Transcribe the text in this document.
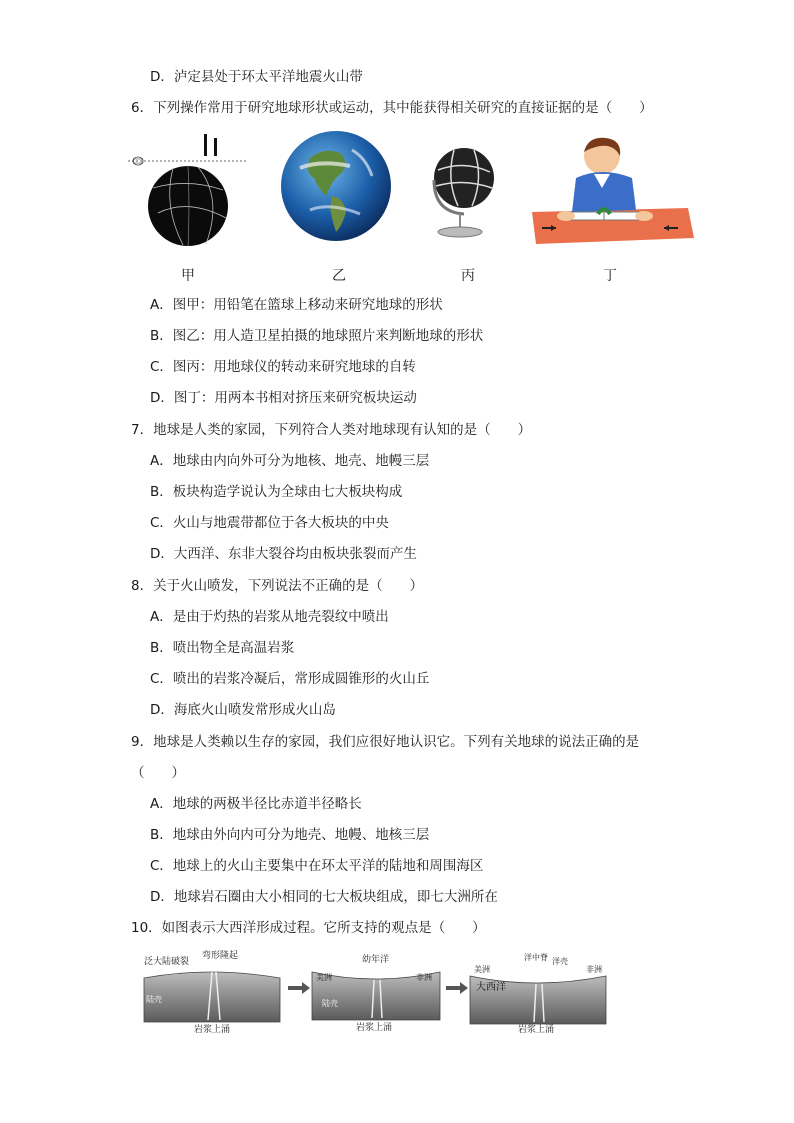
D．泸定县处于环太平洋地震火山带
6．下列操作常用于研究地球形状或运动，其中能获得相关研究的直接证据的是（　　）
甲	乙	丙	丁
A．图甲：用铅笔在篮球上移动来研究地球的形状
B．图乙：用人造卫星拍摄的地球照片来判断地球的形状
C．图丙：用地球仪的转动来研究地球的自转
D．图丁：用两本书相对挤压来研究板块运动
7．地球是人类的家园，下列符合人类对地球现有认知的是（　　）
A．地球由内向外可分为地核、地壳、地幔三层
B．板块构造学说认为全球由七大板块构成
C．火山与地震带都位于各大板块的中央
D．大西洋、东非大裂谷均由板块张裂而产生
8．关于火山喷发，下列说法不正确的是（　　）
A．是由于灼热的岩浆从地壳裂纹中喷出
B．喷出物全是高温岩浆
C．喷出的岩浆冷凝后，常形成圆锥形的火山丘
D．海底火山喷发常形成火山岛
9．地球是人类赖以生存的家园，我们应很好地认识它。下列有关地球的说法正确的是
（　　）
A．地球的两极半径比赤道半径略长
B．地球由外向内可分为地壳、地幔、地核三层
C．地球上的火山主要集中在环太平洋的陆地和周围海区
D．地球岩石圈由大小相同的七大板块组成，即七大洲所在
10．如图表示大西洋形成过程。它所支持的观点是（　　）
泛大陆破裂
弯形隆起
陆壳
岩浆上涌
幼年洋
美洲	非洲
陆壳
岩浆上涌
美洲
洋中脊 洋壳
非洲
大西洋
岩浆上涌
